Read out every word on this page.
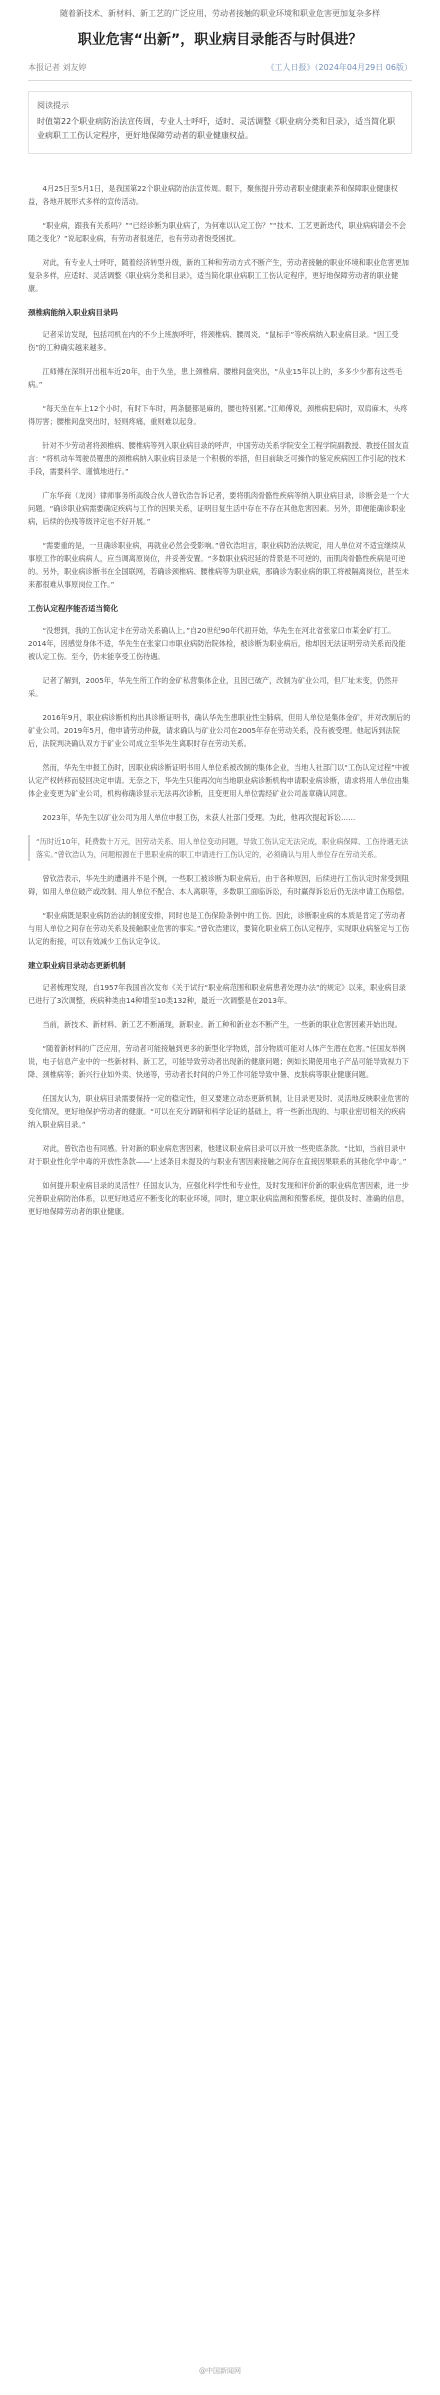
随着新技术、新材料、新工艺的广泛应用，劳动者接触的职业环境和职业危害更加复杂多样
职业危害“出新”，职业病目录能否与时俱进？
本报记者 刘友婷	《工人日报》（2024年04月29日 06版）
阅读提示
时值第22个职业病防治法宣传周，专业人士呼吁，适时、灵活调整《职业病分类和目录》，适当简化职业病职工工伤认定程序，更好地保障劳动者的职业健康权益。
4月25日至5月1日，是我国第22个职业病防治法宣传周。眼下，聚焦提升劳动者职业健康素养和保障职业健康权益，各地开展形式多样的宣传活动。
“职业病，跟我有关系吗？”“已经诊断为职业病了，为何难以认定工伤？”“技术、工艺更新迭代，职业病病谱会不会随之变化？”说起职业病，有劳动者很迷茫，也有劳动者饱受困扰。
对此，有专业人士呼吁，随着经济转型升级，新的工种和劳动方式不断产生，劳动者接触的职业环境和职业危害更加复杂多样，应适时、灵活调整《职业病分类和目录》，适当简化职业病职工工伤认定程序，更好地保障劳动者的职业健康。
颈椎病能纳入职业病目录吗
记者采访发现，包括司机在内的不少上班族呼吁，将颈椎病、腰周炎、“鼠标手”等疾病纳入职业病目录。“因工受伤”的工种确实越来越多。
江师傅在深圳开出租车近20年，由于久坐，患上颈椎病、腰椎间盘突出，“从业15年以上的，多多少少都有这些毛病。”
“每天坐在车上12个小时，有时下车时，两条腿都是麻的，腰也特别累。”江师傅说，颈椎病犯病时，双肩麻木，头疼得厉害；腰椎间盘突出时，轻则疼痛，重则难以起身。
针对不少劳动者将颈椎病、腰椎病等列入职业病目录的呼声，中国劳动关系学院安全工程学院副教授、教授任国友直言：“将机动车驾驶员罹患的颈椎病纳入职业病目录是一个积极的举措，但目前缺乏可操作的鉴定疾病因工作引起的技术手段，需要科学、谨慎地进行。”
广东华商（龙岗）律师事务所高级合伙人曾钦浩告诉记者，要将肌肉骨骼性疾病等纳入职业病目录，诊断会是一个大问题。“确诊职业病需要确定疾病与工作的因果关系，证明目复生活中存在不存在其他危害因素。另外，即便能确诊职业病，后续的伤残等级评定也不好开展。”
“需要重的是，一旦确诊职业病，再就业必然会受影响。”曾钦浩坦言，职业病防治法规定，用人单位对不适宜继续从事原工作的职业病病人，应当调离原岗位，并妥善安置。“多数职业病迟延的背景是不可逆的，而肌肉骨骼性疾病是可逆的。另外，职业病诊断书在全国联网，若确诊颈椎病、腰椎病等为职业病，那确诊为职业病的职工将被隔离岗位，甚至未来都很难从事原岗位工作。”
工伤认定程序能否适当简化
“没想到，我的工伤认定卡在劳动关系确认上。”自20世纪90年代初开始，华先生在河北省张家口市某金矿打工。2014年，因感觉身体不适，华先生在张家口市职业病防治院体检，被诊断为职业病后，他却因无法证明劳动关系而没能被认定工伤。至今，仍未能享受工伤待遇。
记者了解到，2005年，华先生所工作的金矿私营集体企业，且因已破产，改制为矿业公司，但厂址未变，仍然开采。
2016年9月，职业病诊断机构出具诊断证明书，确认华先生患职业性尘肺病，但用人单位是集体金矿，并对改制后的矿业公司。2019年5月，他申请劳动仲裁，请求确认与矿业公司在2005年存在劳动关系，没有被受理。他起诉到法院后，法院判决确认双方于矿业公司成立至华先生离职时存在劳动关系。
然而，华先生申报工伤时，因职业病诊断证明书用人单位系被改制的集体企业，当地人社部门以“工伤认定过程”中被认定产权转移而驳回决定申请。无奈之下，华先生只能再次向当地职业病诊断机构申请职业病诊断，请求将用人单位由集体企业变更为矿业公司，机构称确诊显示无法再次诊断，且变更用人单位需经矿业公司盖章确认同意。
2023年，华先生以矿业公司为用人单位申报工伤，未获人社部门受理。为此，他再次提起诉讼……
“历时近10年，耗费数十万元，因劳动关系、用人单位变动问题，导致工伤认定无法完成，职业病保障、工伤待遇无法落实。”曾钦浩认为，问题根源在于患职业病的职工申请进行工伤认定的，必须确认与用人单位存在劳动关系。
曾钦浩表示，华先生的遭遇并不是个例，一些职工被诊断为职业病后，由于各种原因，后续进行工伤认定时常受到阻碍，如用人单位破产或改制、用人单位不配合、本人离职等，多数职工面临诉讼，有时赢得诉讼后仍无法申请工伤赔偿。
“职业病既是职业病防治法的制度安排，同时也是工伤保险条例中的工伤。因此，诊断职业病的本质是肯定了劳动者与用人单位之间存在劳动关系及接触职业危害的事实。”曾钦浩建议，要简化职业病工伤认定程序，实现职业病鉴定与工伤认定的衔接，可以有效减少工伤认定争议。
建立职业病目录动态更新机制
记者梳理发现，自1957年我国首次发布《关于试行“职业病范围和职业病患者处理办法”的规定》以来，职业病目录已进行了3次调整，疾病种类由14种增至10类132种，最近一次调整是在2013年。
当前，新技术、新材料、新工艺不断涌现，新职业、新工种和新业态不断产生，一些新的职业危害因素开始出现。
“随着新材料的广泛应用，劳动者可能接触到更多的新型化学物质，部分物质可能对人体产生潜在危害。”任国友举例说，电子信息产业中的一些新材料、新工艺，可能导致劳动者出现新的健康问题；例如长期使用电子产品可能导致视力下降、颈椎病等；新兴行业如外卖、快递等，劳动者长时间的户外工作可能导致中暑、皮肤病等职业健康问题。
任国友认为，职业病目录需要保持一定的稳定性，但又要建立动态更新机制，让目录更及时、灵活地反映职业危害的变化情况，更好地保护劳动者的健康。“可以在充分调研和科学论证的基础上，将一些新出现的、与职业密切相关的疾病纳入职业病目录。”
对此，曾钦浩也有同感。针对新的职业病危害因素，他建议职业病目录可以开放一些兜底条款。“比如，当前目录中对于职业性化学中毒的开放性条款——‘上述条目未提及的与职业有害因素接触之间存在直接因果联系的其他化学中毒’。”
如何提升职业病目录的灵活性？任国友认为，应强化科学性和专业性，及时发现和评价新的职业病危害因素，进一步完善职业病防治体系，以更好地适应不断变化的职业环境，同时，建立职业病监测和预警系统，提供及时、准确的信息，更好地保障劳动者的职业健康。
@中国新闻网
